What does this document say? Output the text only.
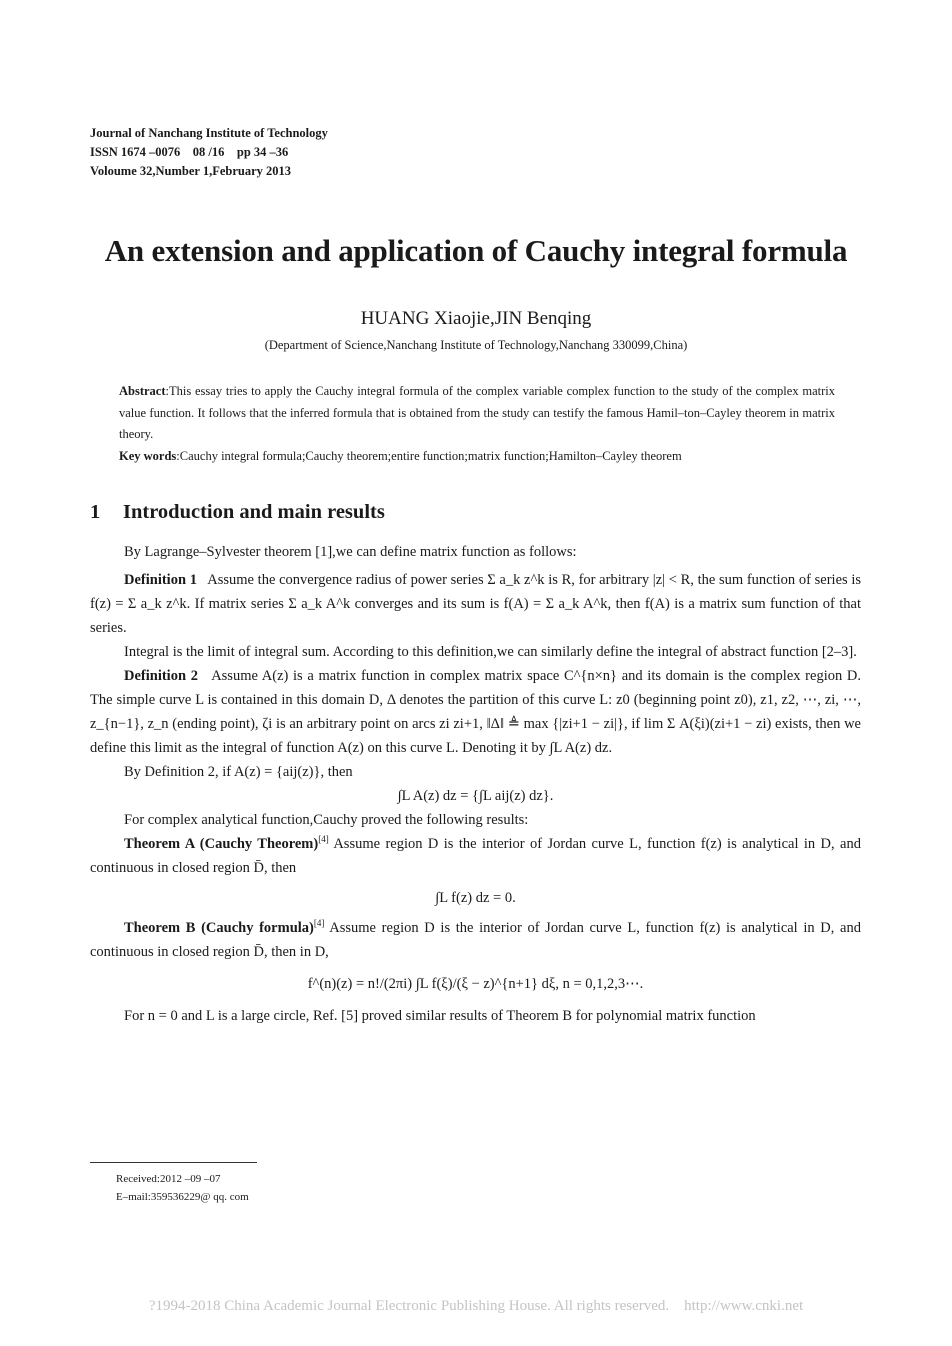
Journal of Nanchang Institute of Technology
ISSN 1674 –0076    08 /16    pp 34 –36
Voloume 32,Number 1,February 2013
An extension and application of Cauchy integral formula
HUANG Xiaojie,JIN Benqing
(Department of Science,Nanchang Institute of Technology,Nanchang 330099,China)
Abstract:This essay tries to apply the Cauchy integral formula of the complex variable complex function to the study of the complex matrix value function. It follows that the inferred formula that is obtained from the study can testify the famous Hamil–ton–Cayley theorem in matrix theory.
Key words:Cauchy integral formula;Cauchy theorem;entire function;matrix function;Hamilton–Cayley theorem
1 Introduction and main results

By Lagrange–Sylvester theorem [1],we can define matrix function as follows:

Definition 1 Assume the convergence radius of power series Σ a_k z^k is R, for arbitrary |z| < R, the sum function of series is f(z) = Σ a_k z^k. If matrix series Σ a_k A^k converges and its sum is f(A) = Σ a_k A^k, then f(A) is a matrix sum function of that series.

Integral is the limit of integral sum. According to this definition,we can similarly define the integral of abstract function [2–3].

Definition 2 Assume A(z) is a matrix function in complex matrix space C^{n×n} and its domain is the complex region D. The simple curve L is contained in this domain D, Δ denotes the partition of this curve L: z0 (beginning point z0), z1, z2, ⋯, zi, ⋯, z_{n−1}, z_n (ending point), ζi is an arbitrary point on arcs zi zi+1, ‖Δ‖ ≜ max {|zi+1 − zi|}, if lim Σ A(ξi)(zi+1 − zi) exists, then we define this limit as the integral of function A(z) on this curve L. Denoting it by ∫L A(z) dz.

By Definition 2, if A(z) = {aij(z)}, then

∫L A(z) dz = {∫L aij(z) dz}.

For complex analytical function,Cauchy proved the following results:

Theorem A (Cauchy Theorem)[4] Assume region D is the interior of Jordan curve L, function f(z) is analytical in D, and continuous in closed region D̄, then

∫L f(z) dz = 0.

Theorem B (Cauchy formula)[4] Assume region D is the interior of Jordan curve L, function f(z) is analytical in D, and continuous in closed region D̄, then in D,

f^(n)(z) = n!/(2πi) ∫L f(ξ)/(ξ − z)^{n+1} dξ, n = 0,1,2,3⋯.

For n = 0 and L is a large circle, Ref. [5] proved similar results of Theorem B for polynomial matrix function

Received:2012 –09 –07
E–mail:359536229@ qq. com
?1994-2018 China Academic Journal Electronic Publishing House. All rights reserved.    http://www.cnki.net
